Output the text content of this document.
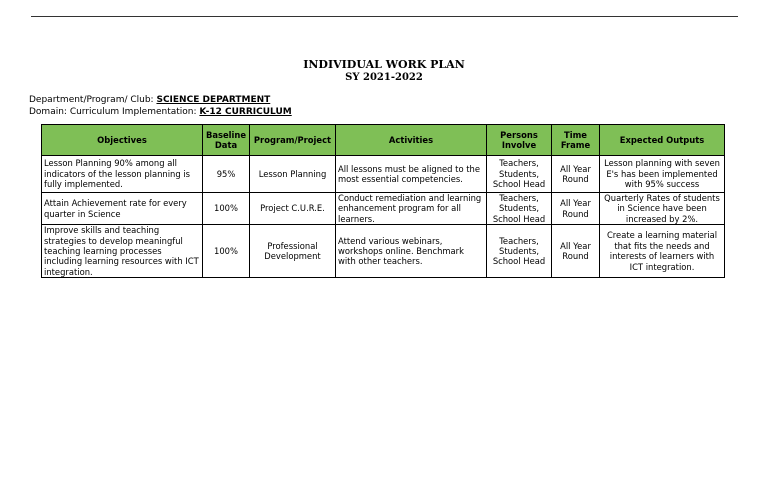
INDIVIDUAL WORK PLAN
SY 2021-2022
Department/Program/ Club: SCIENCE DEPARTMENT
Domain: Curriculum Implementation: K-12 CURRICULUM
Objectives	Baseline Data	Program/Project	Activities	Persons Involve	Time Frame	Expected Outputs
Lesson Planning 90% among all indicators of the lesson planning is fully implemented.	95%	Lesson Planning	All lessons must be aligned to the most essential competencies.	Teachers, Students, School Head	All Year Round	Lesson planning with seven E's has been implemented with 95% success
Attain Achievement rate for every quarter in Science	100%	Project C.U.R.E.	Conduct remediation and learning enhancement program for all learners.	Teachers, Students, School Head	All Year Round	Quarterly Rates of students in Science have been increased by 2%.
Improve skills and teaching strategies to develop meaningful teaching learning processes including learning resources with ICT integration.	100%	Professional Development	Attend various webinars, workshops online. Benchmark with other teachers.	Teachers, Students, School Head	All Year Round	Create a learning material that fits the needs and interests of learners with ICT integration.
